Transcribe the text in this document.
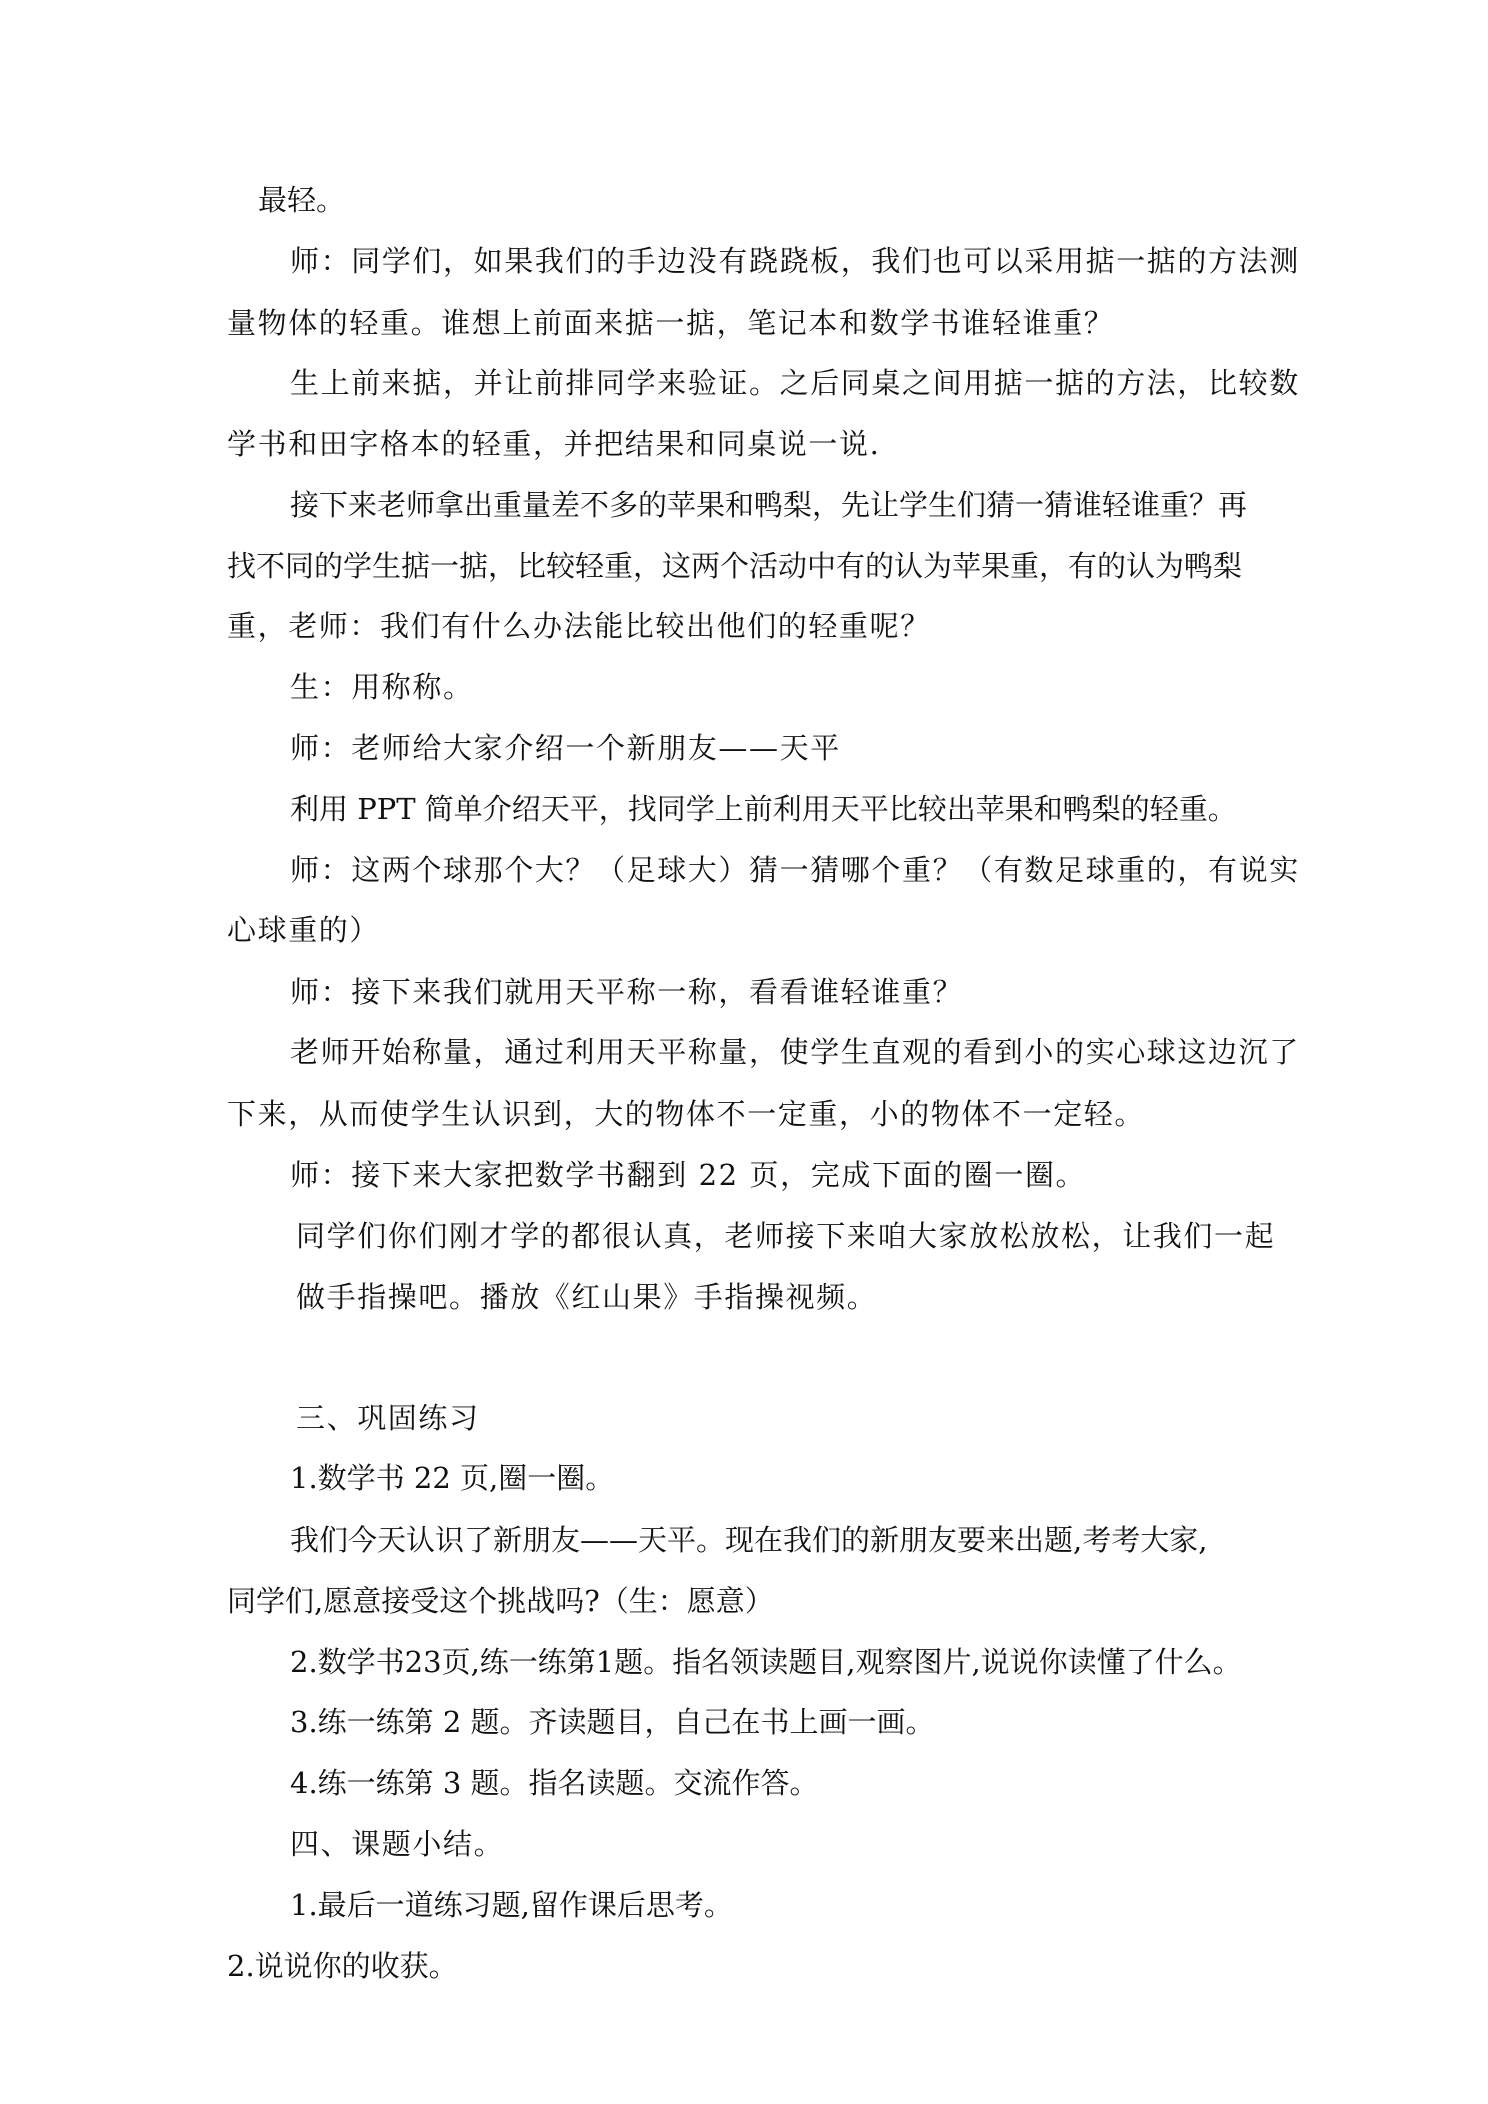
最轻。
师：同学们，如果我们的手边没有跷跷板，我们也可以采用掂一掂的方法测
量物体的轻重。谁想上前面来掂一掂，笔记本和数学书谁轻谁重？
生上前来掂，并让前排同学来验证。之后同桌之间用掂一掂的方法，比较数
学书和田字格本的轻重，并把结果和同桌说一说.
接下来老师拿出重量差不多的苹果和鸭梨，先让学生们猜一猜谁轻谁重？再
找不同的学生掂一掂，比较轻重，这两个活动中有的认为苹果重，有的认为鸭梨
重，老师：我们有什么办法能比较出他们的轻重呢？
生：用称称。
师：老师给大家介绍一个新朋友——天平
利用 PPT 简单介绍天平，找同学上前利用天平比较出苹果和鸭梨的轻重。
师：这两个球那个大？（足球大）猜一猜哪个重？（有数足球重的，有说实
心球重的）
师：接下来我们就用天平称一称，看看谁轻谁重？
老师开始称量，通过利用天平称量，使学生直观的看到小的实心球这边沉了
下来，从而使学生认识到，大的物体不一定重，小的物体不一定轻。
师：接下来大家把数学书翻到 22 页，完成下面的圈一圈。
同学们你们刚才学的都很认真，老师接下来咱大家放松放松，让我们一起
做手指操吧。播放《红山果》手指操视频。
三、巩固练习
1.数学书 22 页,圈一圈。
我们今天认识了新朋友——天平。现在我们的新朋友要来出题,考考大家,
同学们,愿意接受这个挑战吗?（生：愿意）
2.数学书23页,练一练第1题。指名领读题目,观察图片,说说你读懂了什么。
3.练一练第 2 题。齐读题目，自己在书上画一画。
4.练一练第 3 题。指名读题。交流作答。
四、课题小结。
1.最后一道练习题,留作课后思考。
2.说说你的收获。
